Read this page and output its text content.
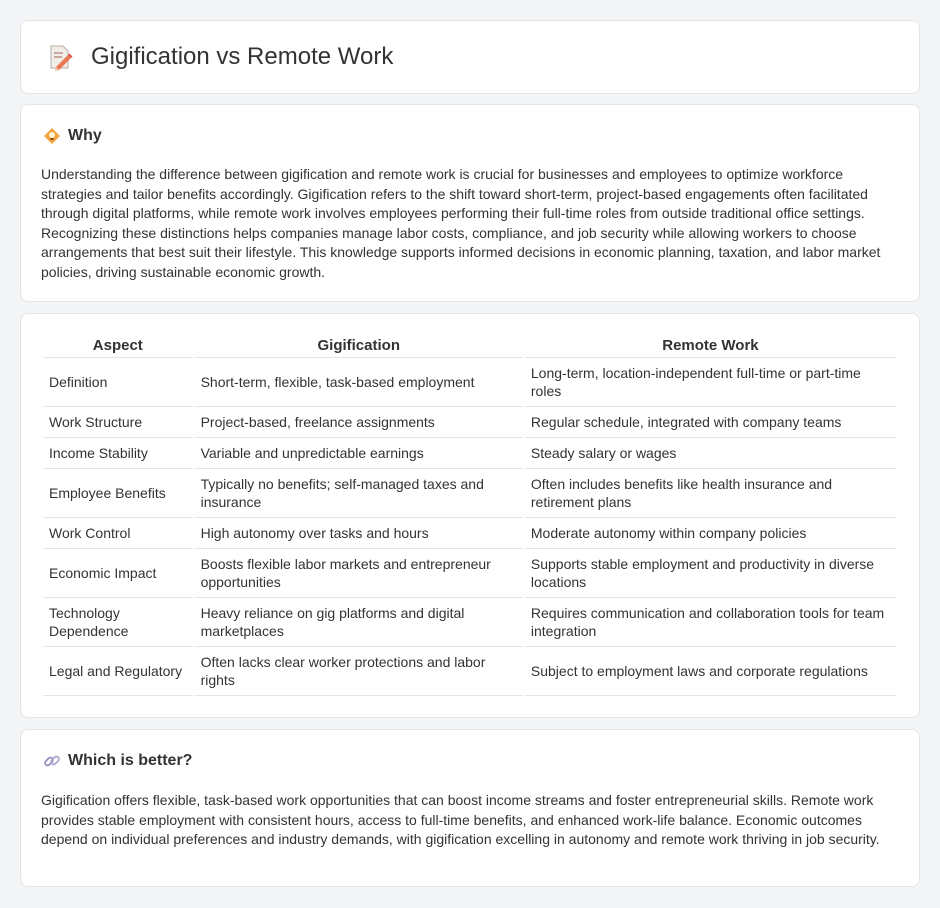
Gigification vs Remote Work
Why

Understanding the difference between gigification and remote work is crucial for businesses and employees to optimize workforce strategies and tailor benefits accordingly. Gigification refers to the shift toward short-term, project-based engagements often facilitated through digital platforms, while remote work involves employees performing their full-time roles from outside traditional office settings. Recognizing these distinctions helps companies manage labor costs, compliance, and job security while allowing workers to choose arrangements that best suit their lifestyle. This knowledge supports informed decisions in economic planning, taxation, and labor market policies, driving sustainable economic growth.

Aspect	Gigification	Remote Work
Definition	Short-term, flexible, task-based employment	Long-term, location-independent full-time or part-time roles
Work Structure	Project-based, freelance assignments	Regular schedule, integrated with company teams
Income Stability	Variable and unpredictable earnings	Steady salary or wages
Employee Benefits	Typically no benefits; self-managed taxes and insurance	Often includes benefits like health insurance and retirement plans
Work Control	High autonomy over tasks and hours	Moderate autonomy within company policies
Economic Impact	Boosts flexible labor markets and entrepreneur opportunities	Supports stable employment and productivity in diverse locations
Technology Dependence	Heavy reliance on gig platforms and digital marketplaces	Requires communication and collaboration tools for team integration
Legal and Regulatory	Often lacks clear worker protections and labor rights	Subject to employment laws and corporate regulations
Which is better?

Gigification offers flexible, task-based work opportunities that can boost income streams and foster entrepreneurial skills. Remote work provides stable employment with consistent hours, access to full-time benefits, and enhanced work-life balance. Economic outcomes depend on individual preferences and industry demands, with gigification excelling in autonomy and remote work thriving in job security.
